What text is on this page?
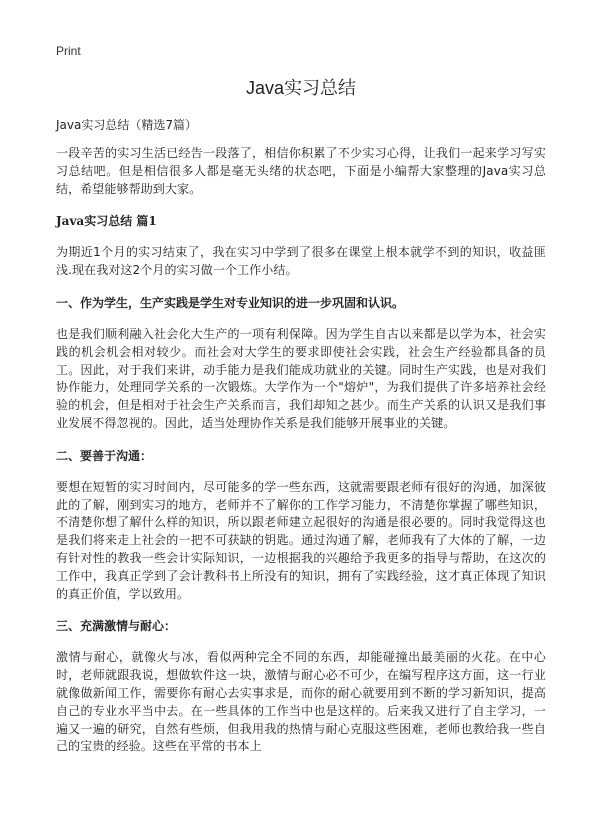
Print
Java实习总结

Java实习总结（精选7篇）

一段辛苦的实习生活已经告一段落了，相信你积累了不少实习心得，让我们一起来学习写实习总结吧。但是相信很多人都是毫无头绪的状态吧，下面是小编帮大家整理的Java实习总结，希望能够帮助到大家。

Java实习总结 篇1

为期近1个月的实习结束了，我在实习中学到了很多在课堂上根本就学不到的知识，收益匪浅.现在我对这2个月的实习做一个工作小结。

一、作为学生，生产实践是学生对专业知识的进一步巩固和认识。

也是我们顺利融入社会化大生产的一项有利保障。因为学生自古以来都是以学为本，社会实践的机会机会相对较少。而社会对大学生的要求即使社会实践，社会生产经验都具备的员工。因此，对于我们来讲，动手能力是我们能成功就业的关键。同时生产实践，也是对我们协作能力，处理同学关系的一次锻炼。大学作为一个"熔炉"，为我们提供了许多培养社会经验的机会，但是相对于社会生产关系而言，我们却知之甚少。而生产关系的认识又是我们事业发展不得忽视的。因此，适当处理协作关系是我们能够开展事业的关键。

二、要善于沟通：

要想在短暂的实习时间内，尽可能多的学一些东西，这就需要跟老师有很好的沟通，加深彼此的了解，刚到实习的地方，老师并不了解你的工作学习能力，不清楚你掌握了哪些知识，不清楚你想了解什么样的知识，所以跟老师建立起很好的沟通是很必要的。同时我觉得这也是我们将来走上社会的一把不可获缺的钥匙。通过沟通了解，老师我有了大体的了解，一边有针对性的教我一些会计实际知识，一边根据我的兴趣给予我更多的指导与帮助，在这次的工作中，我真正学到了会计教科书上所没有的知识，拥有了实践经验，这才真正体现了知识的真正价值，学以致用。

三、充满激情与耐心：

激情与耐心，就像火与冰，看似两种完全不同的东西，却能碰撞出最美丽的火花。在中心时，老师就跟我说，想做软件这一块，激情与耐心必不可少，在编写程序这方面，这一行业就像做新闻工作，需要你有耐心去实事求是，而你的耐心就要用到不断的学习新知识，提高自己的专业水平当中去。在一些具体的工作当中也是这样的。后来我又进行了自主学习，一遍又一遍的研究，自然有些烦，但我用我的热情与耐心克服这些困难，老师也教给我一些自己的宝贵的经验。这些在平常的书本上
